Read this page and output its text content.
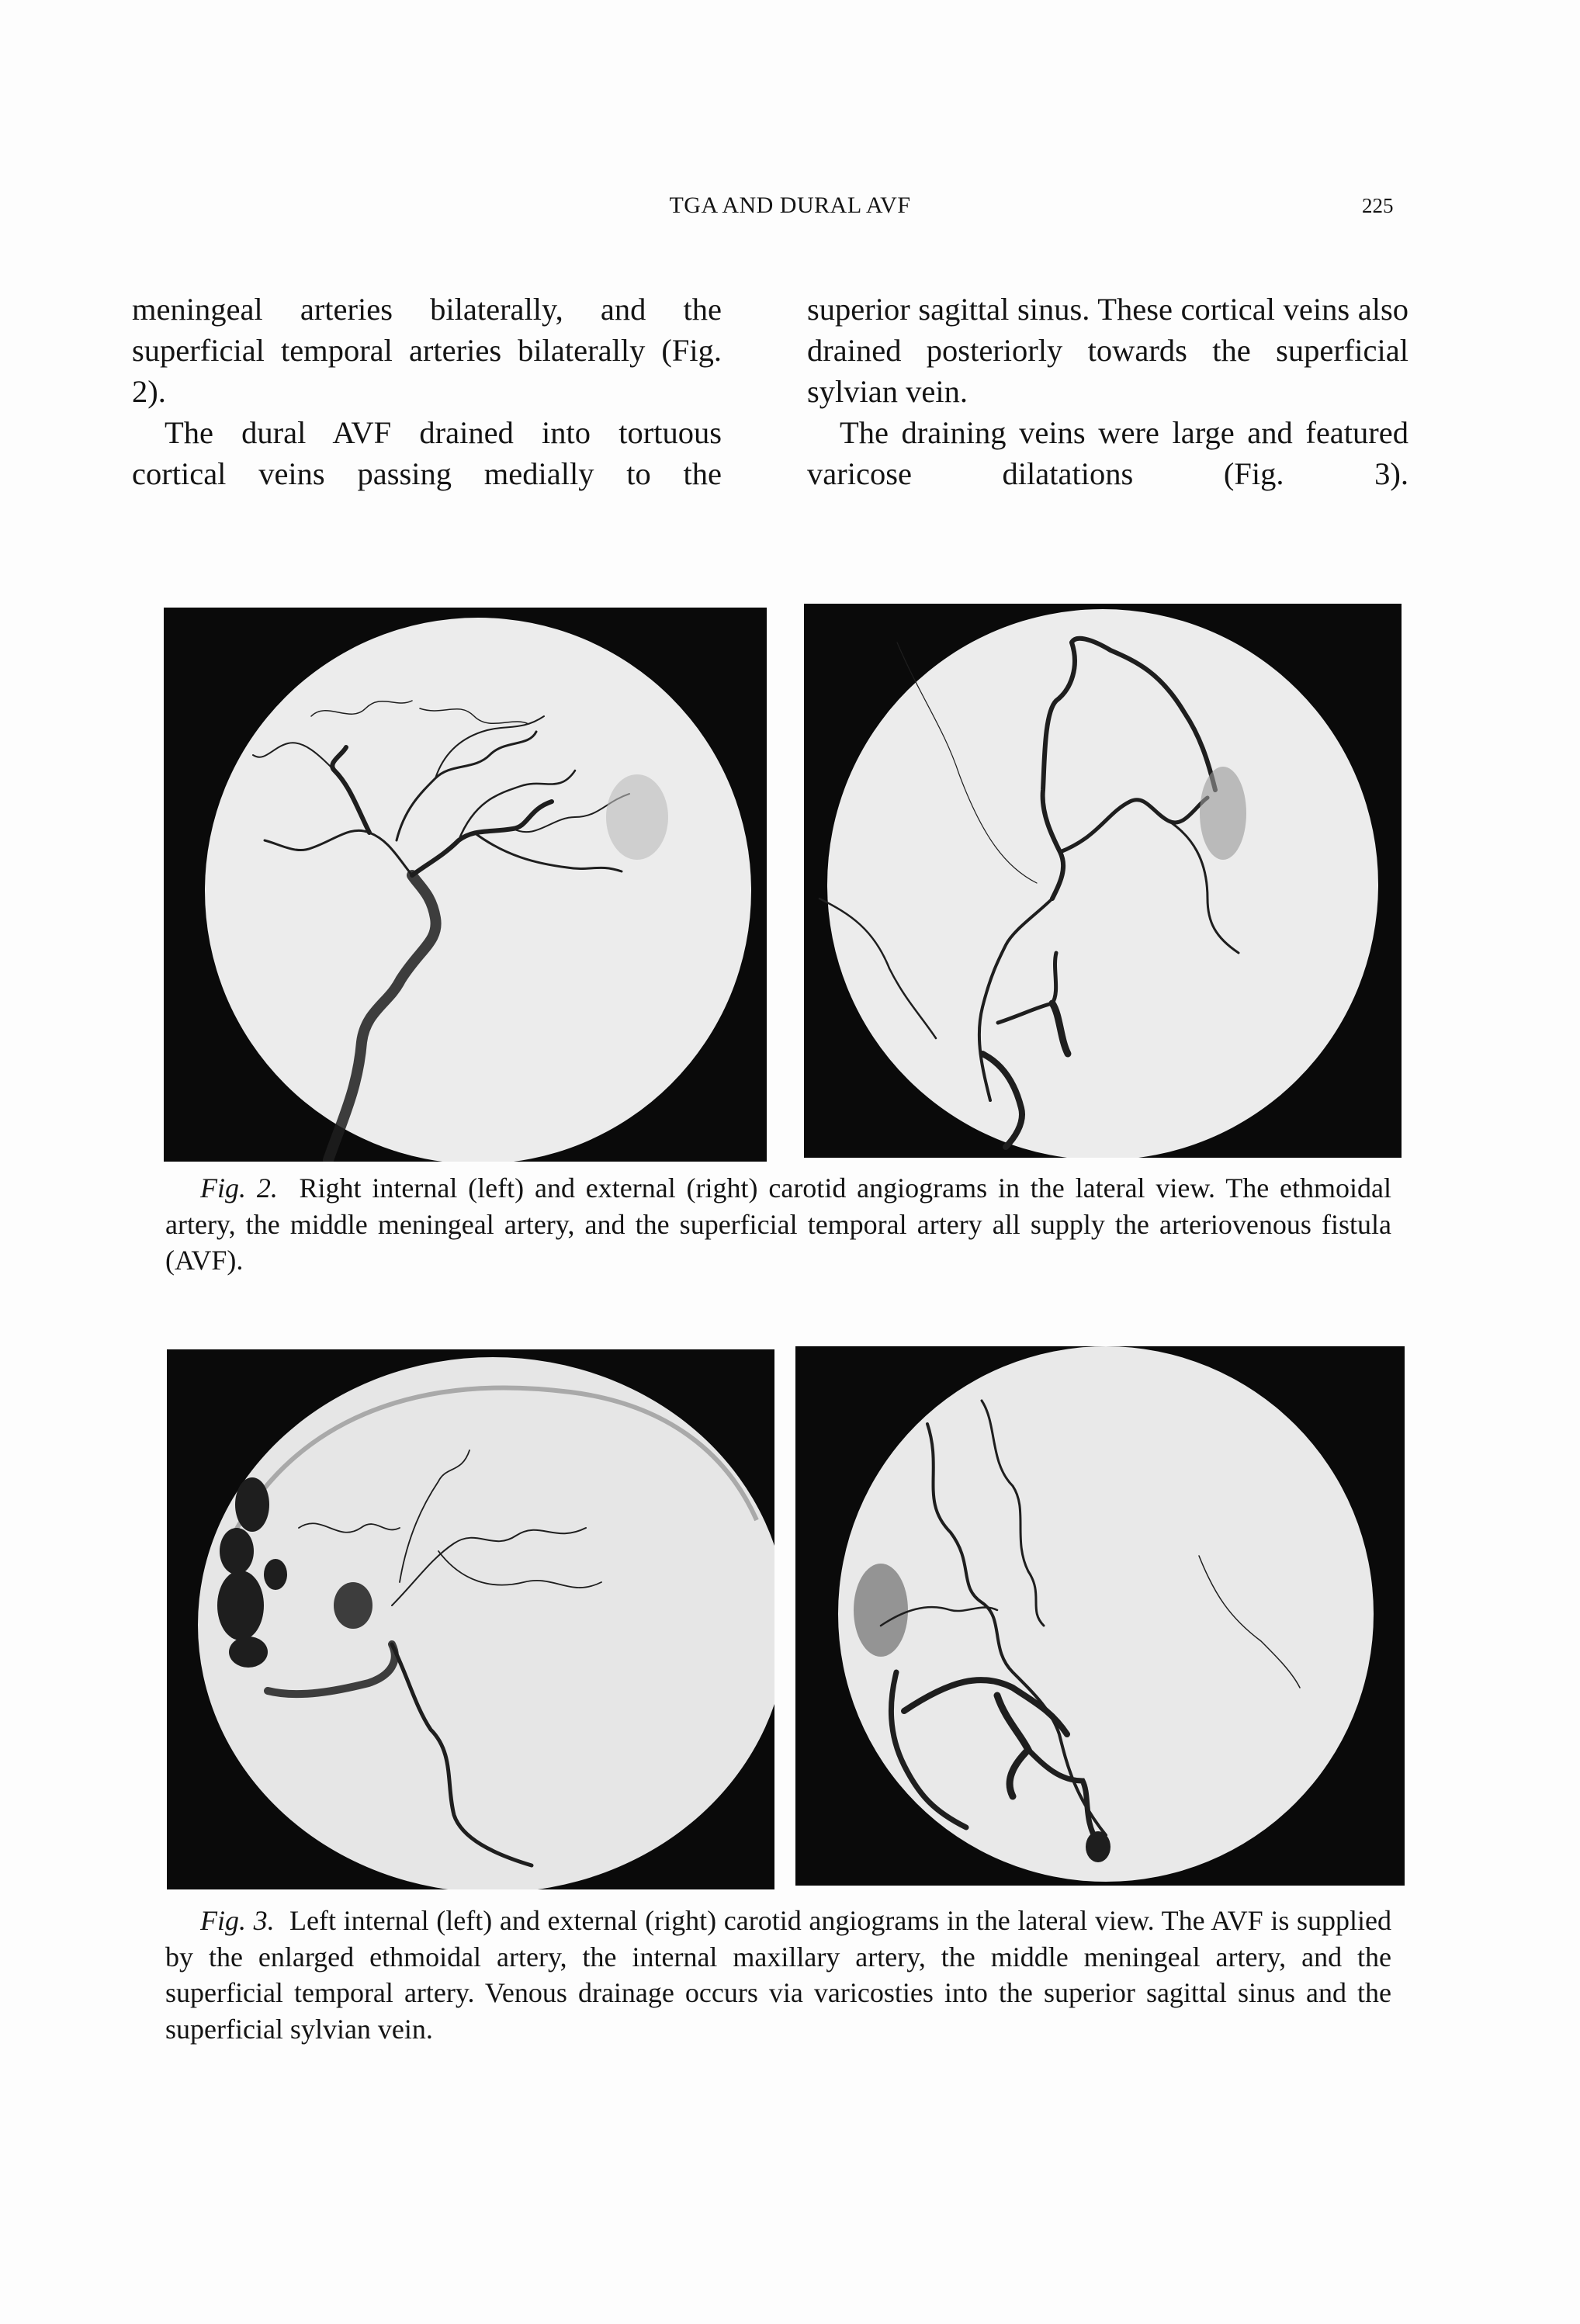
TGA AND DURAL AVF	225

meningeal arteries bilaterally, and the superficial temporal arteries bilaterally (Fig. 2).

The dural AVF drained into tortuous cortical veins passing medially to the

superior sagittal sinus. These cortical veins also drained posteriorly towards the superficial sylvian vein.

The draining veins were large and featured varicose dilatations (Fig. 3).

Fig. 2. Right internal (left) and external (right) carotid angiograms in the lateral view. The ethmoidal artery, the middle meningeal artery, and the superficial temporal artery all supply the arteriovenous fistula (AVF).
Fig. 3. Left internal (left) and external (right) carotid angiograms in the lateral view. The AVF is supplied by the enlarged ethmoidal artery, the internal maxillary artery, the middle meningeal artery, and the superficial temporal artery. Venous drainage occurs via varicosties into the superior sagittal sinus and the superficial sylvian vein.
